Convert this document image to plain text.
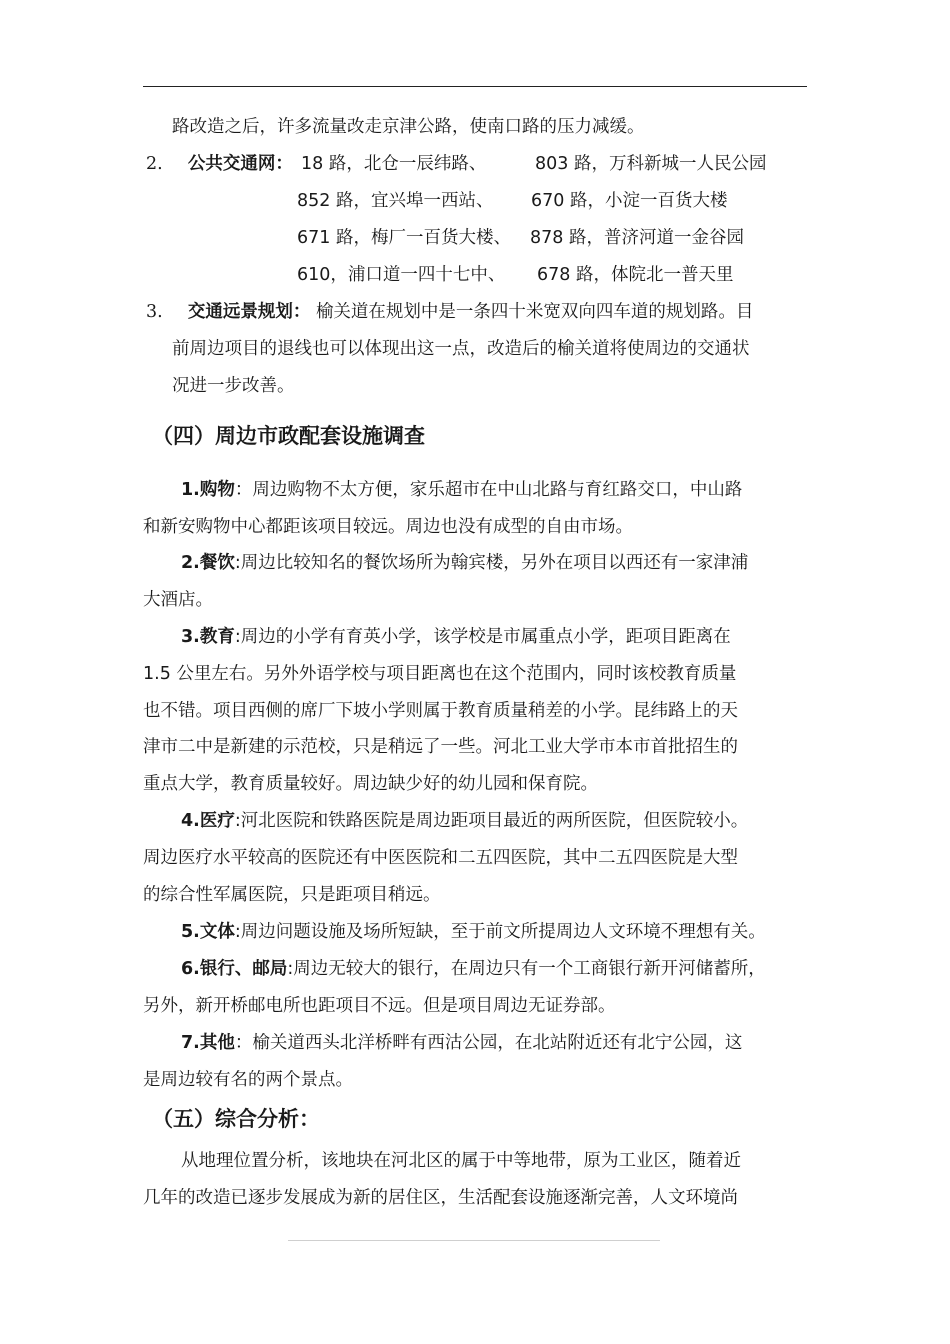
路改造之后，许多流量改走京津公路，使南口路的压力减缓。
2. 公共交通网： 18 路，北仓一辰纬路、	803 路，万科新城一人民公园
852 路，宜兴埠一西站、 670 路，小淀一百货大楼
671 路，梅厂一百货大楼、 878 路，普济河道一金谷园
610，浦口道一四十七中、 678 路，体院北一普天里
3. 交通远景规划： 榆关道在规划中是一条四十米宽双向四车道的规划路。目
前周边项目的退线也可以体现出这一点，改造后的榆关道将使周边的交通状
况进一步改善。
（四）周边市政配套设施调查
1.购物：周边购物不太方便，家乐超市在中山北路与育红路交口，中山路
和新安购物中心都距该项目较远。周边也没有成型的自由市场。
2.餐饮:周边比较知名的餐饮场所为翰宾楼，另外在项目以西还有一家津浦
大酒店。
3.教育:周边的小学有育英小学，该学校是市属重点小学，距项目距离在
1.5 公里左右。另外外语学校与项目距离也在这个范围内，同时该校教育质量
也不错。项目西侧的席厂下坡小学则属于教育质量稍差的小学。昆纬路上的天
津市二中是新建的示范校，只是稍远了一些。河北工业大学市本市首批招生的
重点大学，教育质量较好。周边缺少好的幼儿园和保育院。
4.医疗:河北医院和铁路医院是周边距项目最近的两所医院，但医院较小。
周边医疗水平较高的医院还有中医医院和二五四医院，其中二五四医院是大型
的综合性军属医院，只是距项目稍远。
5.文体:周边问题设施及场所短缺，至于前文所提周边人文环境不理想有关。
6.银行、邮局:周边无较大的银行，在周边只有一个工商银行新开河储蓄所，
另外，新开桥邮电所也距项目不远。但是项目周边无证券部。
7.其他：榆关道西头北洋桥畔有西沽公园，在北站附近还有北宁公园，这
是周边较有名的两个景点。
（五）综合分析：
从地理位置分析，该地块在河北区的属于中等地带，原为工业区，随着近
几年的改造已逐步发展成为新的居住区，生活配套设施逐渐完善，人文环境尚
